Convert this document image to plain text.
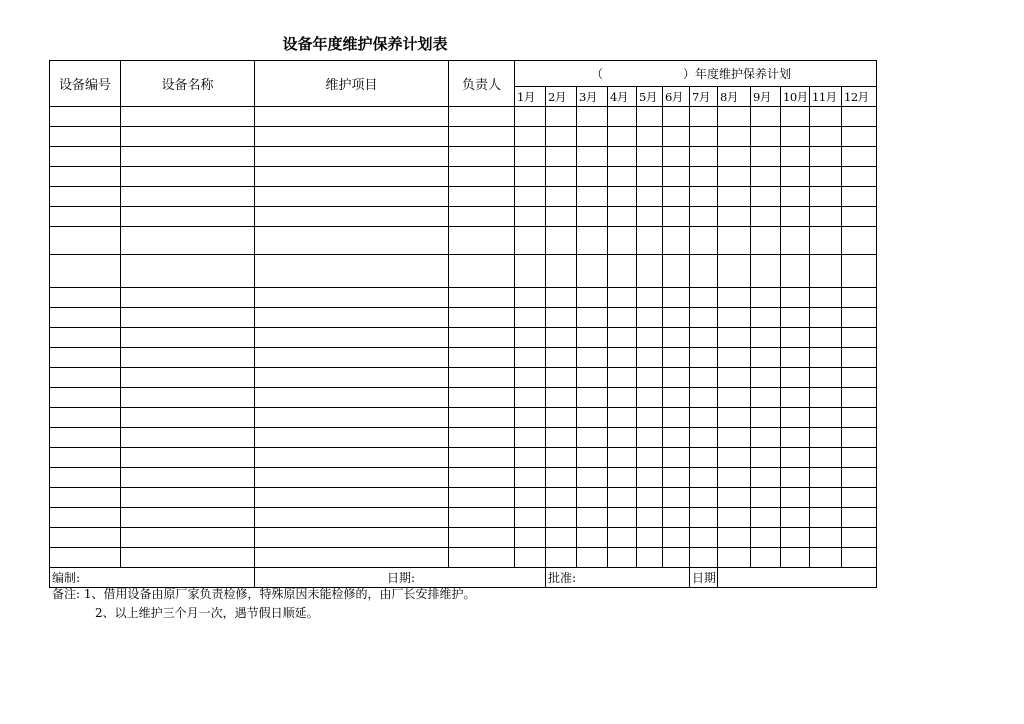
设备年度维护保养计划表
设备编号	设备名称	维护项目	负责人	（ ）年度维护保养计划											
				1月	2月	3月	4月	5月	6月	7月	8月	9月	10月	11月	12月

编制:		日期:			批准:					日期					
备注: 1、借用设备由原厂家负责检修，特殊原因未能检修的，由厂长安排维护。
2、以上维护三个月一次，遇节假日顺延。
